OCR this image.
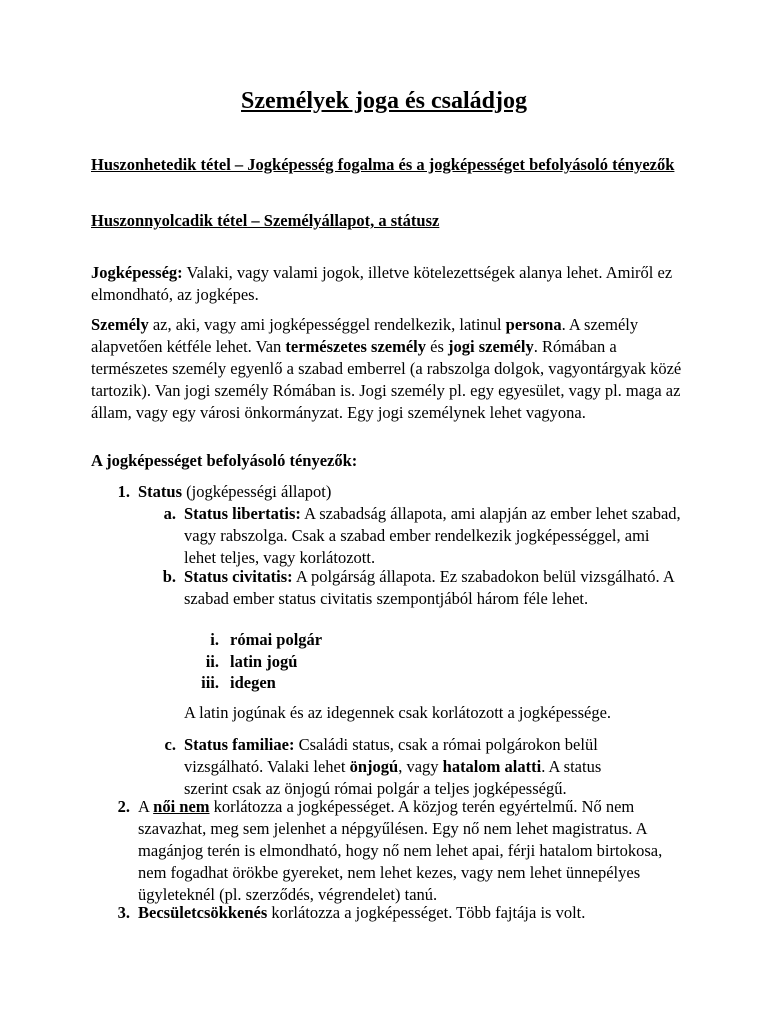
Személyek joga és családjog
Huszonhetedik tétel – Jogképesség fogalma és a jogképességet befolyásoló tényezők
Huszonnyolcadik tétel – Személyállapot, a státusz
Jogképesség: Valaki, vagy valami jogok, illetve kötelezettségek alanya lehet. Amiről ez elmondható, az jogképes.
Személy az, aki, vagy ami jogképességgel rendelkezik, latinul persona. A személy alapvetően kétféle lehet. Van természetes személy és jogi személy. Rómában a természetes személy egyenlő a szabad emberrel (a rabszolga dolgok, vagyontárgyak közé tartozik). Van jogi személy Rómában is. Jogi személy pl. egy egyesület, vagy pl. maga az állam, vagy egy városi önkormányzat. Egy jogi személynek lehet vagyona.
A jogképességet befolyásoló tényezők:
1. Status (jogképességi állapot)
a. Status libertatis: A szabadság állapota, ami alapján az ember lehet szabad, vagy rabszolga. Csak a szabad ember rendelkezik jogképességgel, ami lehet teljes, vagy korlátozott.
b. Status civitatis: A polgárság állapota. Ez szabadokon belül vizsgálható. A szabad ember status civitatis szempontjából három féle lehet.
i. római polgár
ii. latin jogú
iii. idegen
A latin jogúnak és az idegennek csak korlátozott a jogképessége.
c. Status familiae: Családi status, csak a római polgárokon belül vizsgálható. Valaki lehet önjogú, vagy hatalom alatti. A status szerint csak az önjogú római polgár a teljes jogképességű.
2. A női nem korlátozza a jogképességet. A közjog terén egyértelmű. Nő nem szavazhat, meg sem jelenhet a népgyűlésen. Egy nő nem lehet magistratus. A magánjog terén is elmondható, hogy nő nem lehet apai, férji hatalom birtokosa, nem fogadhat örökbe gyereket, nem lehet kezes, vagy nem lehet ünnepélyes ügyleteknél (pl. szerződés, végrendelet) tanú.
3. Becsületcsökkenés korlátozza a jogképességet. Több fajtája is volt.
